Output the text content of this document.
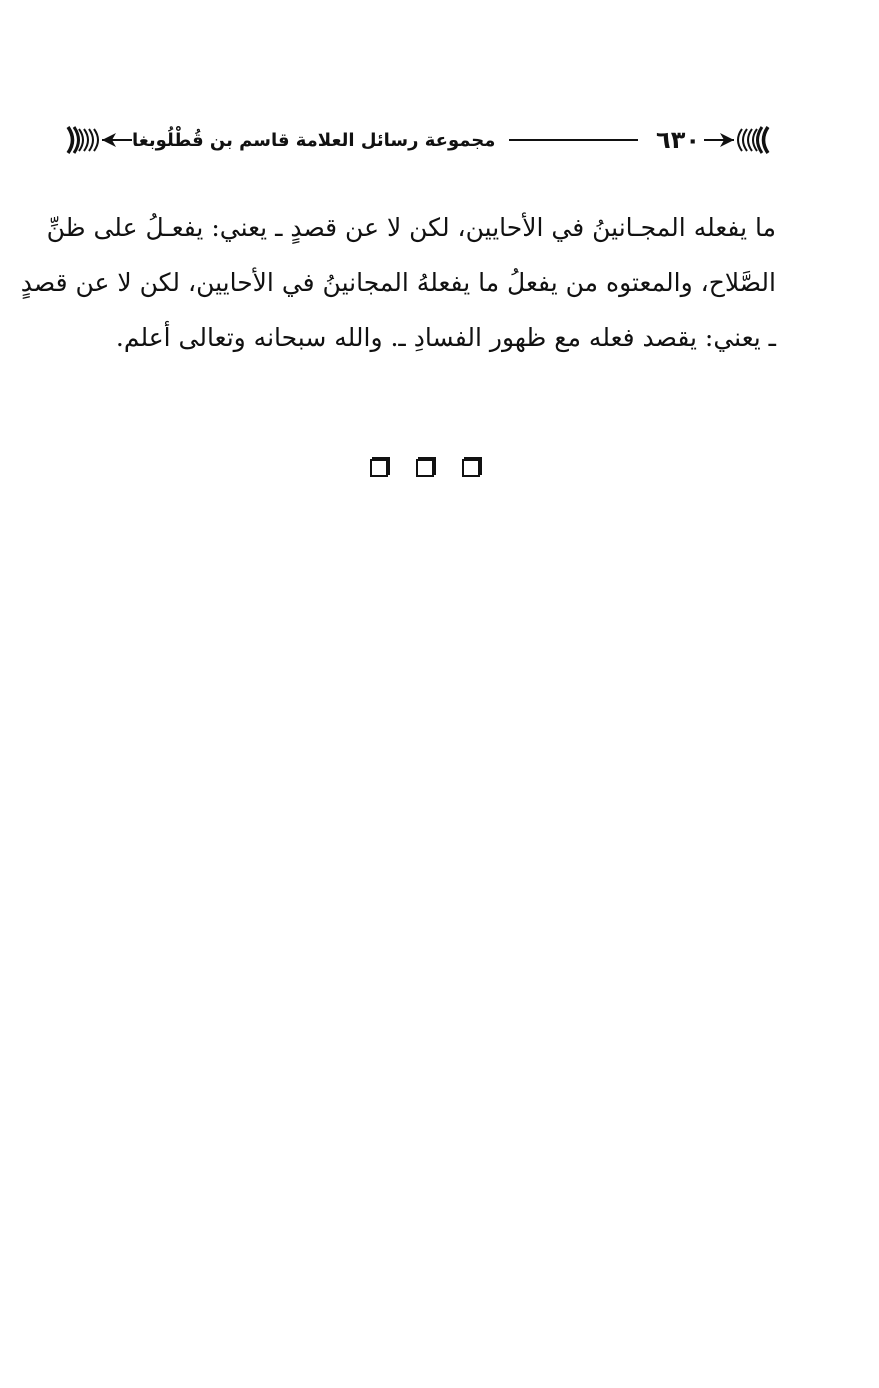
٦٣٠
مجموعة رسائل العلامة قاسم بن قُطْلُوبغا
ما يفعله المجـانينُ في الأحايين، لكن لا عن قصدٍ ـ يعني: يفعـلُ على ظنِّ
الصَّلاح، والمعتوه من يفعلُ ما يفعلهُ المجانينُ في الأحايين، لكن لا عن قصدٍ
ـ يعني: يقصد فعله مع ظهور الفسادِ ـ. والله سبحانه وتعالى أعلم.
